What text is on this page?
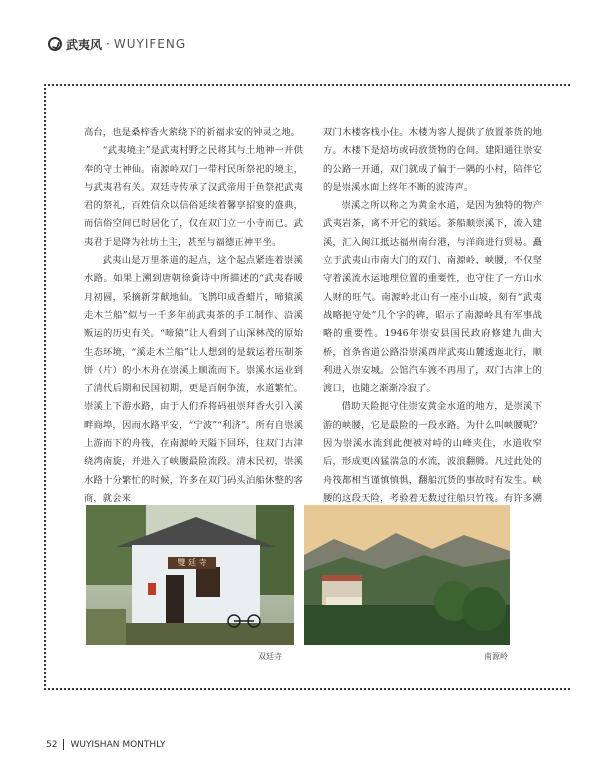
武夷风 · WUYIFENG

高台，也是桑梓香火萦绕下的祈福求安的钟灵之地。

“武夷境主”是武夷村野之民将其与土地神一并供奉的守土神仙。南源岭双门一带村民所祭祀的境主，与武夷君有关。双廷寺传承了汉武帝用干鱼祭祀武夷君的祭礼，百姓信众以信俗延续着馨享招宴的盛典，而信俗空间已时居化了，仅在双门立一小寺而已。武夷君于是降为社坊土主，甚至与福德正神平坐。

武夷山是万里茶道的起点，这个起点紧连着崇溪水路。如果上溯到唐朝徐夤诗中所描述的“武夷春暖月初圆，采摘新芽献地仙。飞鹊印成香蜡片，啼猿溪走木兰船”似与一千多年前武夷茶的手工制作、沿溪贩运的历史有关。“啼猿”让人看到了山深林茂的原始生态环境，“溪走木兰船”让人想到的是载运着压制茶饼（片）的小木舟在崇溪上顺流而下。崇溪水运业到了清代后期和民国初期，更是百舸争流，水道繁忙。崇溪上下游水路，由于人们乔将码祖崇拜香火引入溪畔商埠，因而水路平安，“宁波”“利济”。所有自崇溪上游而下的舟筏，在南源岭天隘下回环，往双门古津绕湾南旋，并进入了峡腰最险流段。清末民初，崇溪水路十分繁忙的时候，许多在双门码头泊船休整的客商，就会来

双门木楼客栈小住。木楼为客人提供了放置茶货的地方。木楼下是焙坊或码放货物的仓间。建阳通往崇安的公路一开通，双门就成了偏于一隅的小村，陪伴它的是崇溪水面上终年不断的波涛声。

崇溪之所以称之为黄金水道，是因为独特的物产武夷岩茶，离不开它的载运。茶船顺崇溪下，流入建溪，汇入闽江抵达福州南台港，与洋商进行贸易。矗立于武夷山市南大门的双门、南源岭、峡腰，不仅坚守着溪流水运地理位置的重要性，也守住了一方山水人财的旺气。南源岭北山有一座小山坡，刻有“武夷战略扼守处”几个字的碑，昭示了南源岭具有军事战略的重要性。1946年崇安县国民政府修建九曲大桥，首条省道公路沿崇溪西岸武夷山麓逶迤北行，顺利进入崇安城。公馆汽车渡不再用了，双门古津上的渡口，也随之渐渐冷寂了。

借助天险扼守住崇安黄金水道的地方，是崇溪下游的峡腰，它是最险的一段水路。为什么叫峡腰呢？因为崇溪水流到此便被对峙的山峰夹住，水道收窄后，形成更凶猛湍急的水流，波浪翻腾。凡过此处的舟筏都相当谨慎慎惧，翻船沉货的事故时有发生。峡腰的这段天险，考验着无数过往船只竹筏。有许多溯

雙 廷 寺
双廷寺	南源岭
52 WUYISHAN MONTHLY
